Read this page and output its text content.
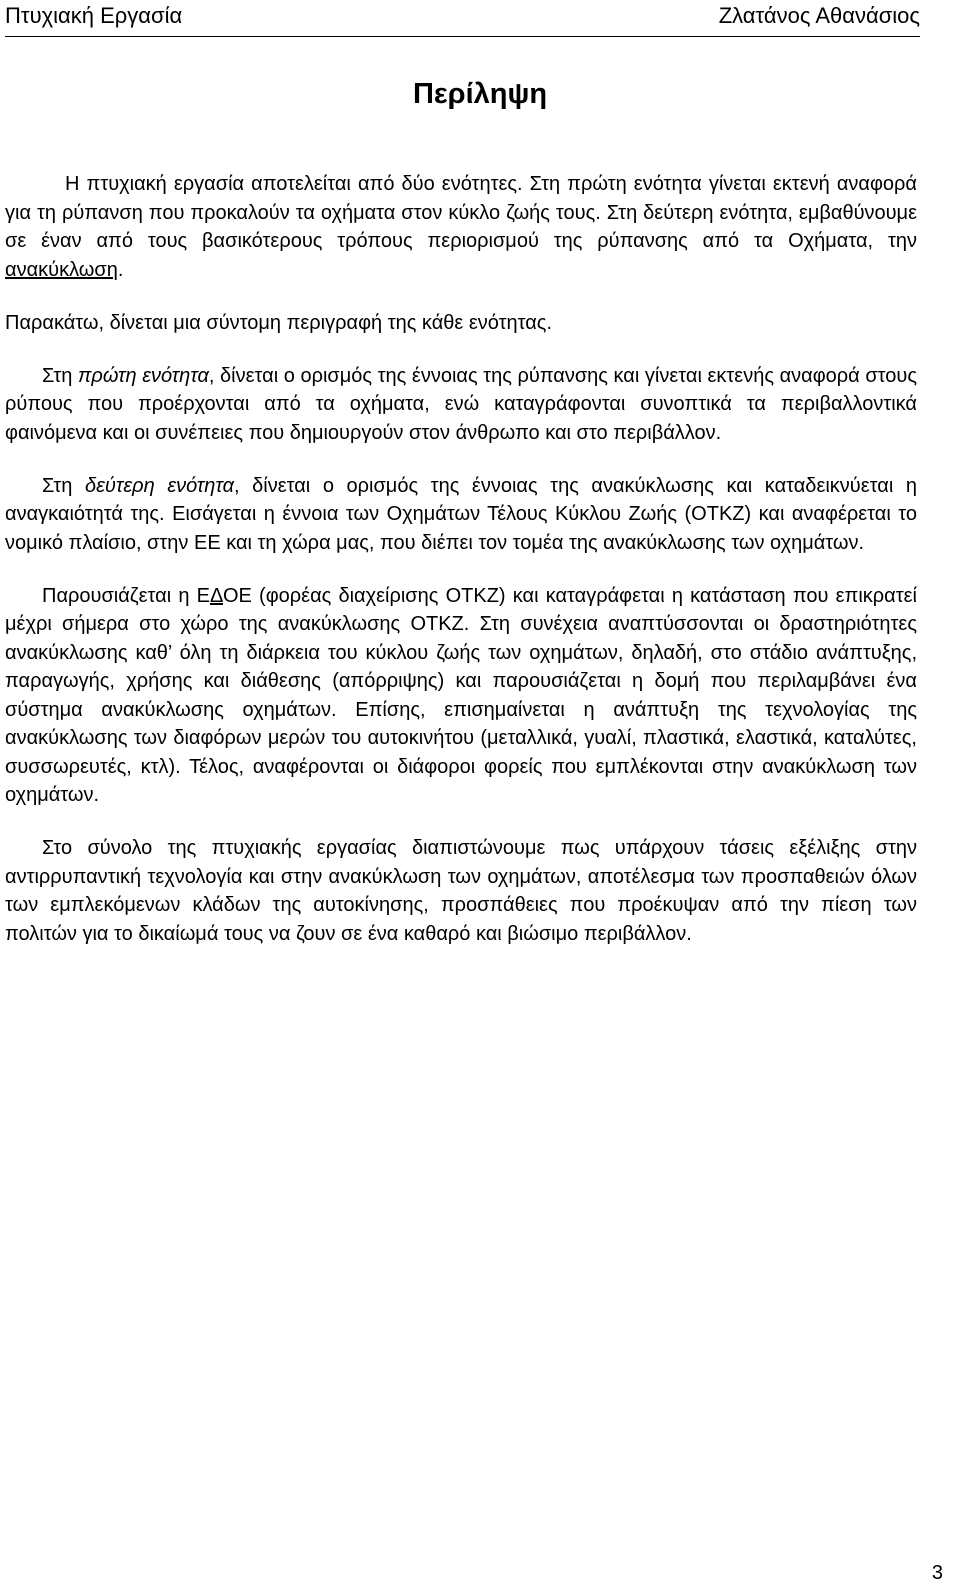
Πτυχιακή Εργασία	Ζλατάνος Αθανάσιος
Περίληψη

Η πτυχιακή εργασία αποτελείται από δύο ενότητες. Στη πρώτη ενότητα γίνεται εκτενή αναφορά για τη ρύπανση που προκαλούν τα οχήματα στον κύκλο ζωής τους. Στη δεύτερη ενότητα, εμβαθύνουμε σε έναν από τους βασικότερους τρόπους περιορισμού της ρύπανσης από τα Οχήματα, την ανακύκλωση.

Παρακάτω, δίνεται μια σύντομη περιγραφή της κάθε ενότητας.

Στη πρώτη ενότητα, δίνεται ο ορισμός της έννοιας της ρύπανσης και γίνεται εκτενής αναφορά στους ρύπους που προέρχονται από τα οχήματα, ενώ καταγράφονται συνοπτικά τα περιβαλλοντικά φαινόμενα και οι συνέπειες που δημιουργούν στον άνθρωπο και στο περιβάλλον.

Στη δεύτερη ενότητα, δίνεται ο ορισμός της έννοιας της ανακύκλωσης και καταδεικνύεται η αναγκαιότητά της. Εισάγεται η έννοια των Οχημάτων Τέλους Κύκλου Ζωής (ΟΤΚΖ) και αναφέρεται το νομικό πλαίσιο, στην ΕΕ και τη χώρα μας, που διέπει τον τομέα της ανακύκλωσης των οχημάτων.

Παρουσιάζεται η ΕΔΟΕ (φορέας διαχείρισης ΟΤΚΖ) και καταγράφεται η κατάσταση που επικρατεί μέχρι σήμερα στο χώρο της ανακύκλωσης ΟΤΚΖ. Στη συνέχεια αναπτύσσονται οι δραστηριότητες ανακύκλωσης καθ’ όλη τη διάρκεια του κύκλου ζωής των οχημάτων, δηλαδή, στο στάδιο ανάπτυξης, παραγωγής, χρήσης και διάθεσης (απόρριψης) και παρουσιάζεται η δομή που περιλαμβάνει ένα σύστημα ανακύκλωσης οχημάτων. Επίσης, επισημαίνεται η ανάπτυξη της τεχνολογίας της ανακύκλωσης των διαφόρων μερών του αυτοκινήτου (μεταλλικά, γυαλί, πλαστικά, ελαστικά, καταλύτες, συσσωρευτές, κτλ). Τέλος, αναφέρονται οι διάφοροι φορείς που εμπλέκονται στην ανακύκλωση των οχημάτων.

Στο σύνολο της πτυχιακής εργασίας διαπιστώνουμε πως υπάρχουν τάσεις εξέλιξης στην αντιρρυπαντική τεχνολογία και στην ανακύκλωση των οχημάτων, αποτέλεσμα των προσπαθειών όλων των εμπλεκόμενων κλάδων της αυτοκίνησης, προσπάθειες που προέκυψαν από την πίεση των πολιτών για το δικαίωμά τους να ζουν σε ένα καθαρό και βιώσιμο περιβάλλον.

3
